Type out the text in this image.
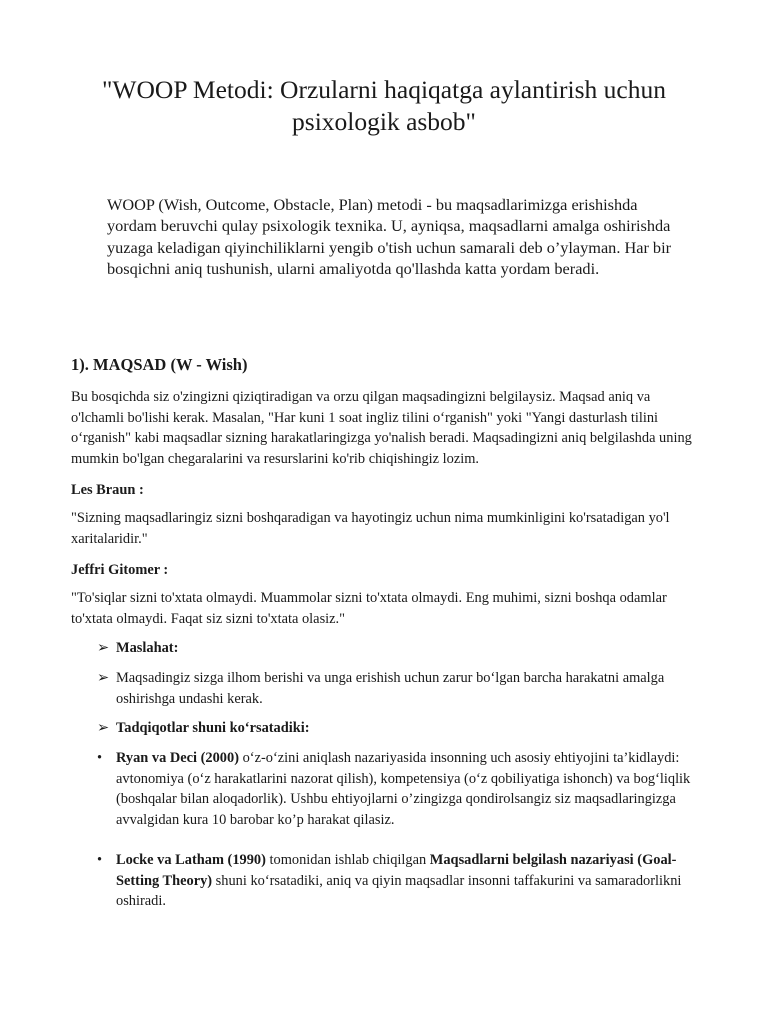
"WOOP Metodi: Orzularni haqiqatga aylantirish uchun psixologik asbob"

WOOP (Wish, Outcome, Obstacle, Plan) metodi - bu maqsadlarimizga erishishda yordam beruvchi qulay psixologik texnika. U, ayniqsa, maqsadlarni amalga oshirishda yuzaga keladigan qiyinchiliklarni yengib o'tish uchun samarali deb o’ylayman. Har bir bosqichni aniq tushunish, ularni amaliyotda qo'llashda katta yordam beradi.

1). MAQSAD (W - Wish)

Bu bosqichda siz o'zingizni qiziqtiradigan va orzu qilgan maqsadingizni belgilaysiz. Maqsad aniq va o'lchamli bo'lishi kerak. Masalan, "Har kuni 1 soat ingliz tilini o‘rganish" yoki "Yangi dasturlash tilini o‘rganish" kabi maqsadlar sizning harakatlaringizga yo'nalish beradi. Maqsadingizni aniq belgilashda uning mumkin bo'lgan chegaralarini va resurslarini ko'rib chiqishingiz lozim.

Les Braun :

"Sizning maqsadlaringiz sizni boshqaradigan va hayotingiz uchun nima mumkinligini ko'rsatadigan yo'l xaritalaridir."

Jeffri Gitomer :

"To'siqlar sizni to'xtata olmaydi. Muammolar sizni to'xtata olmaydi. Eng muhimi, sizni boshqa odamlar to'xtata olmaydi. Faqat siz sizni to'xtata olasiz."

➢ Maslahat:
➢ Maqsadingiz sizga ilhom berishi va unga erishish uchun zarur bo‘lgan barcha harakatni amalga oshirishga undashi kerak.
➢ Tadqiqotlar shuni ko‘rsatadiki:
• Ryan va Deci (2000) o‘z-o‘zini aniqlash nazariyasida insonning uch asosiy ehtiyojini ta’kidlaydi: avtonomiya (o‘z harakatlarini nazorat qilish), kompetensiya (o‘z qobiliyatiga ishonch) va bog‘liqlik (boshqalar bilan aloqadorlik). Ushbu ehtiyojlarni o’zingizga qondirolsangiz siz maqsadlaringizga avvalgidan kura 10 barobar ko’p harakat qilasiz.
• Locke va Latham (1990) tomonidan ishlab chiqilgan Maqsadlarni belgilash nazariyasi (Goal-Setting Theory) shuni ko‘rsatadiki, aniq va qiyin maqsadlar insonni taffakurini va samaradorlikni oshiradi.
